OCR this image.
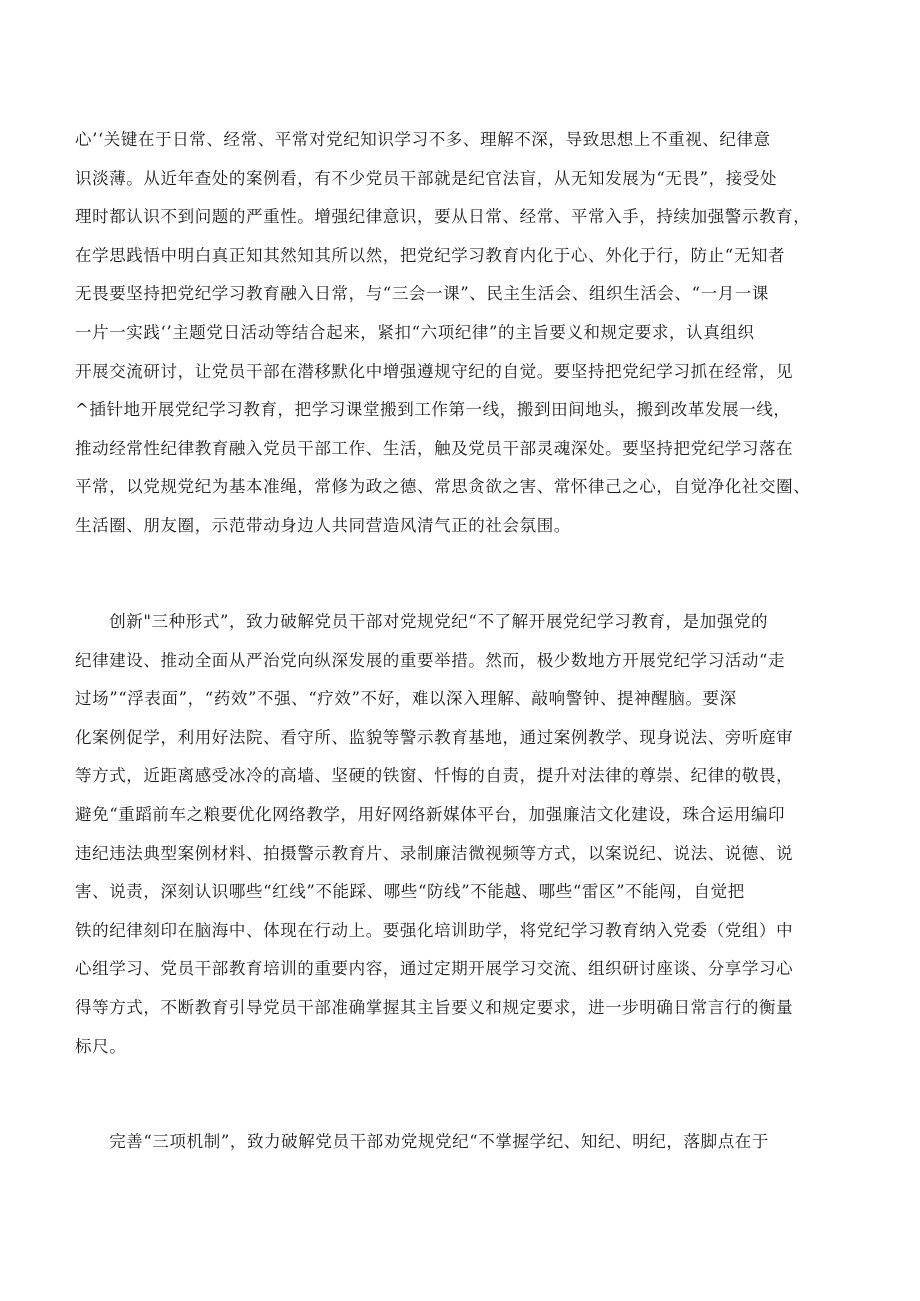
心’‘关键在于日常、经常、平常对党纪知识学习不多、理解不深，导致思想上不重视、纪律意
识淡薄。从近年查处的案例看，有不少党员干部就是纪官法盲，从无知发展为“无畏”，接受处
理时都认识不到问题的严重性。增强纪律意识，要从日常、经常、平常入手，持续加强警示教育，
在学思践悟中明白真正知其然知其所以然，把党纪学习教育内化于心、外化于行，防止“无知者
无畏要坚持把党纪学习教育融入日常，与“三会一课”、民主生活会、组织生活会、“一月一课
一片一实践‘’主题党日活动等结合起来，紧扣“六项纪律”的主旨要义和规定要求，认真组织
开展交流研讨，让党员干部在潜移默化中增强遵规守纪的自觉。要坚持把党纪学习抓在经常，见
^插针地开展党纪学习教育，把学习课堂搬到工作第一线，搬到田间地头，搬到改革发展一线，
推动经常性纪律教育融入党员干部工作、生活，触及党员干部灵魂深处。要坚持把党纪学习落在
平常，以党规党纪为基本准绳，常修为政之德、常思贪欲之害、常怀律己之心，自觉净化社交圈、
生活圈、朋友圈，示范带动身边人共同营造风清气正的社会氛围。
　　创新"三种形式”，致力破解党员干部对党规党纪“不了解开展党纪学习教育，是加强党的
纪律建设、推动全面从严治党向纵深发展的重要举措。然而，极少数地方开展党纪学习活动“走
过场”“浮表面”，“药效”不强、“疗效”不好，难以深入理解、敲响警钟、提神醒脑。要深
化案例促学，利用好法院、看守所、监貌等警示教育基地，通过案例教学、现身说法、旁听庭审
等方式，近距离感受冰冷的高墙、坚硬的铁窗、忏悔的自责，提升对法律的尊崇、纪律的敬畏，
避免“重蹈前车之粮要优化网络教学，用好网络新媒体平台，加强廉洁文化建设，珠合运用编印
违纪违法典型案例材料、拍摄警示教育片、录制廉洁微视频等方式，以案说纪、说法、说德、说
害、说责，深刻认识哪些“红线”不能踩、哪些“防线”不能越、哪些“雷区”不能闯，自觉把
铁的纪律刻印在脑海中、体现在行动上。要强化培训助学，将党纪学习教育纳入党委（党组）中
心组学习、党员干部教育培训的重要内容，通过定期开展学习交流、组织研讨座谈、分享学习心
得等方式，不断教育引导党员干部准确掌握其主旨要义和规定要求，进一步明确日常言行的衡量
标尺。
　　完善“三项机制”，致力破解党员干部劝党规党纪“不掌握学纪、知纪、明纪，落脚点在于
